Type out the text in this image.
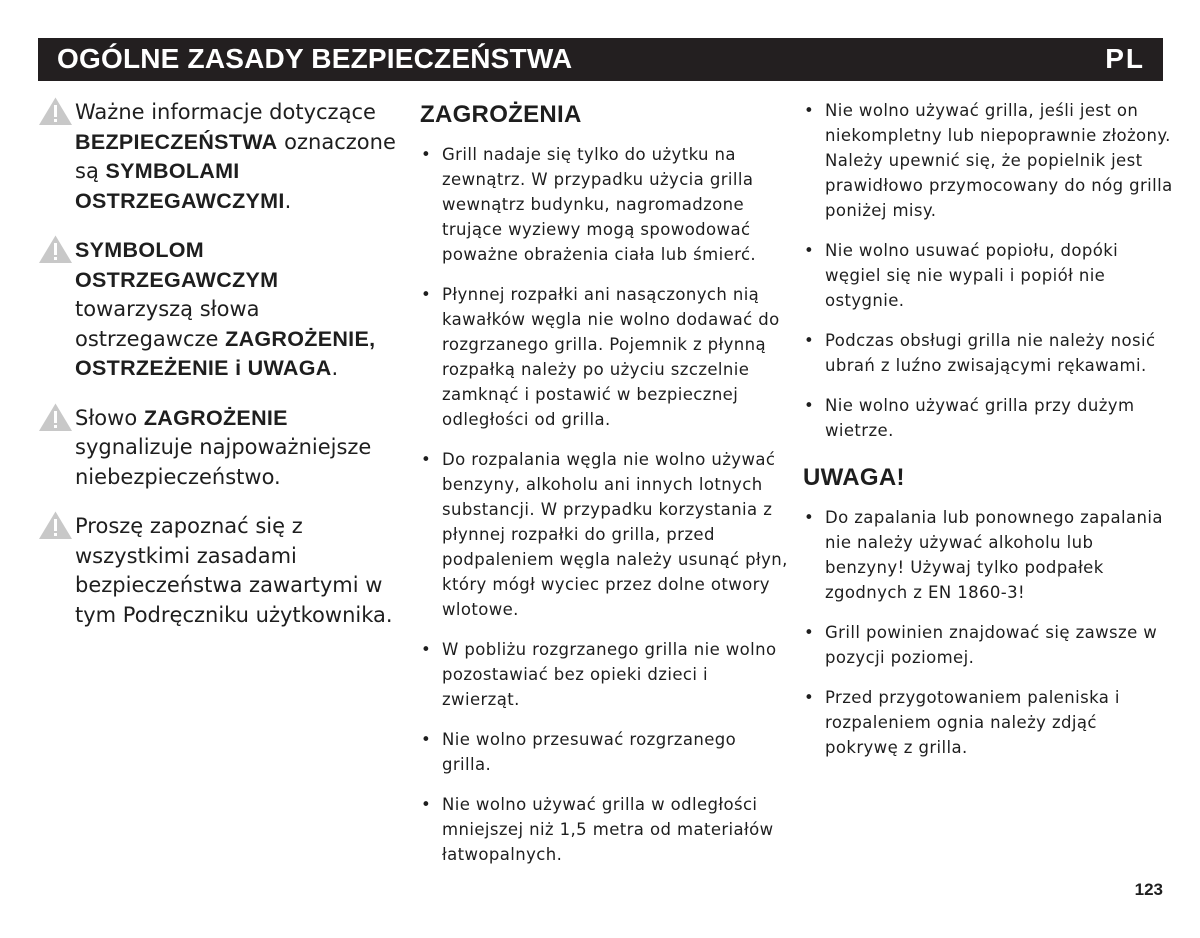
OGÓLNE ZASADY BEZPIECZEŃSTWA	PL
Ważne informacje dotyczące BEZPIECZEŃSTWA oznaczone są SYMBOLAMI OSTRZEGAWCZYMI.
SYMBOLOM OSTRZEGAWCZYM towarzyszą słowa ostrzegawcze ZAGROŻENIE, OSTRZEŻENIE i UWAGA.
Słowo ZAGROŻENIE sygnalizuje najpoważniejsze niebezpieczeństwo.
Proszę zapoznać się z wszystkimi zasadami bezpieczeństwa zawartymi w tym Podręczniku użytkownika.
ZAGROŻENIA
• Grill nadaje się tylko do użytku na zewnątrz. W przypadku użycia grilla wewnątrz budynku, nagromadzone trujące wyziewy mogą spowodować poważne obrażenia ciała lub śmierć.
• Płynnej rozpałki ani nasączonych nią kawałków węgla nie wolno dodawać do rozgrzanego grilla. Pojemnik z płynną rozpałką należy po użyciu szczelnie zamknąć i postawić w bezpiecznej odległości od grilla.
• Do rozpalania węgla nie wolno używać benzyny, alkoholu ani innych lotnych substancji. W przypadku korzystania z płynnej rozpałki do grilla, przed podpaleniem węgla należy usunąć płyn, który mógł wyciec przez dolne otwory wlotowe.
• W pobliżu rozgrzanego grilla nie wolno pozostawiać bez opieki dzieci i zwierząt.
• Nie wolno przesuwać rozgrzanego grilla.
• Nie wolno używać grilla w odległości mniejszej niż 1,5 metra od materiałów łatwopalnych.
• Nie wolno używać grilla, jeśli jest on niekompletny lub niepoprawnie złożony. Należy upewnić się, że popielnik jest prawidłowo przymocowany do nóg grilla poniżej misy.
• Nie wolno usuwać popiołu, dopóki węgiel się nie wypali i popiół nie ostygnie.
• Podczas obsługi grilla nie należy nosić ubrań z luźno zwisającymi rękawami.
• Nie wolno używać grilla przy dużym wietrze.
UWAGA!
• Do zapalania lub ponownego zapalania nie należy używać alkoholu lub benzyny! Używaj tylko podpałek zgodnych z EN 1860-3!
• Grill powinien znajdować się zawsze w pozycji poziomej.
• Przed przygotowaniem paleniska i rozpaleniem ognia należy zdjąć pokrywę z grilla.
123
